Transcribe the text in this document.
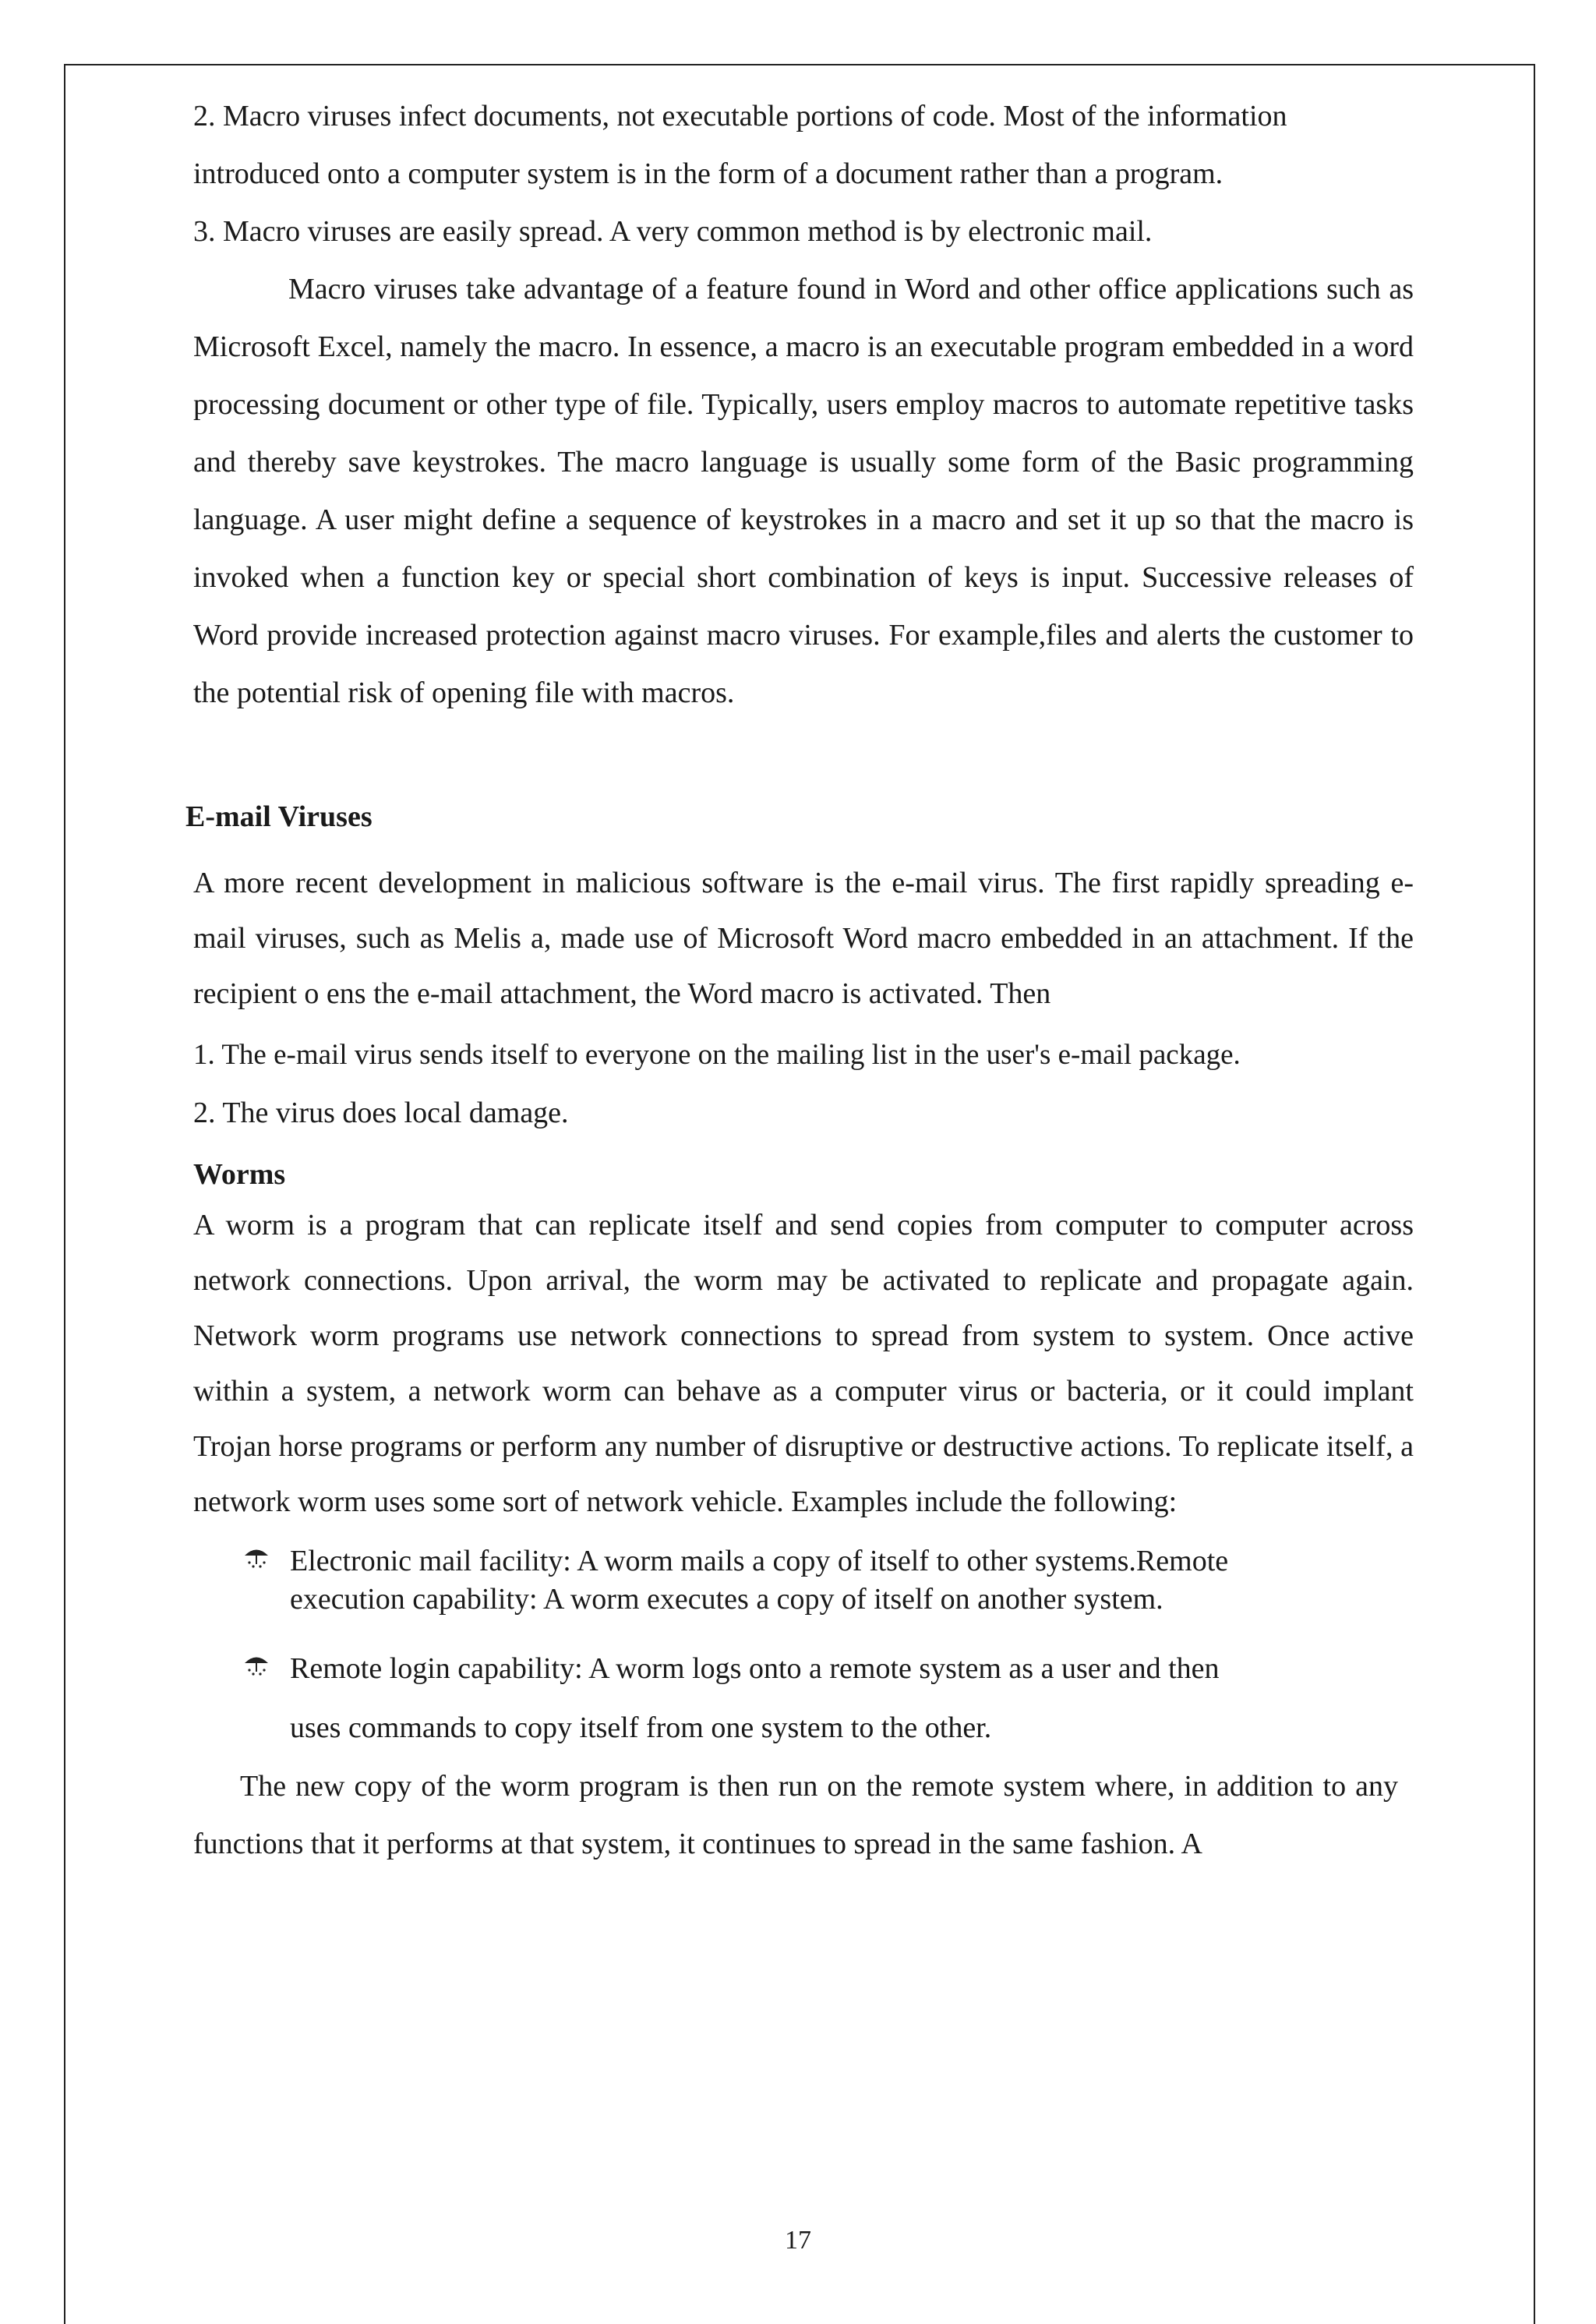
2. Macro viruses infect documents, not executable portions of code. Most of the information introduced onto a computer system is in the form of a document rather than a program.

3. Macro viruses are easily spread. A very common method is by electronic mail.

Macro viruses take advantage of a feature found in Word and other office applications such as Microsoft Excel, namely the macro. In essence, a macro is an executable program embedded in a word processing document or other type of file. Typically, users employ macros to automate repetitive tasks and thereby save keystrokes. The macro language is usually some form of the Basic programming language. A user might define a sequence of keystrokes in a macro and set it up so that the macro is invoked when a function key or special short combination of keys is input. Successive releases of Word provide increased protection against macro viruses. For example,files and alerts the customer to the potential risk of opening file with macros.

E-mail Viruses

A more recent development in malicious software is the e-mail virus. The first rapidly spreading e-mail viruses, such as Melis a, made use of Microsoft Word macro embedded in an attachment. If the recipient o ens the e-mail attachment, the Word macro is activated. Then

1. The e-mail virus sends itself to everyone on the mailing list in the user's e-mail package.

2. The virus does local damage.

Worms

A worm is a program that can replicate itself and send copies from computer to computer across network connections. Upon arrival, the worm may be activated to replicate and propagate again. Network worm programs use network connections to spread from system to system. Once active within a system, a network worm can behave as a computer virus or bacteria, or it could implant Trojan horse programs or perform any number of disruptive or destructive actions. To replicate itself, a network worm uses some sort of network vehicle. Examples include the following:

Electronic mail facility: A worm mails a copy of itself to other systems.Remote execution capability: A worm executes a copy of itself on another system.
Remote login capability: A worm logs onto a remote system as a user and then uses commands to copy itself from one system to the other.

The new copy of the worm program is then run on the remote system where, in addition to any functions that it performs at that system, it continues to spread in the same fashion. A

17
